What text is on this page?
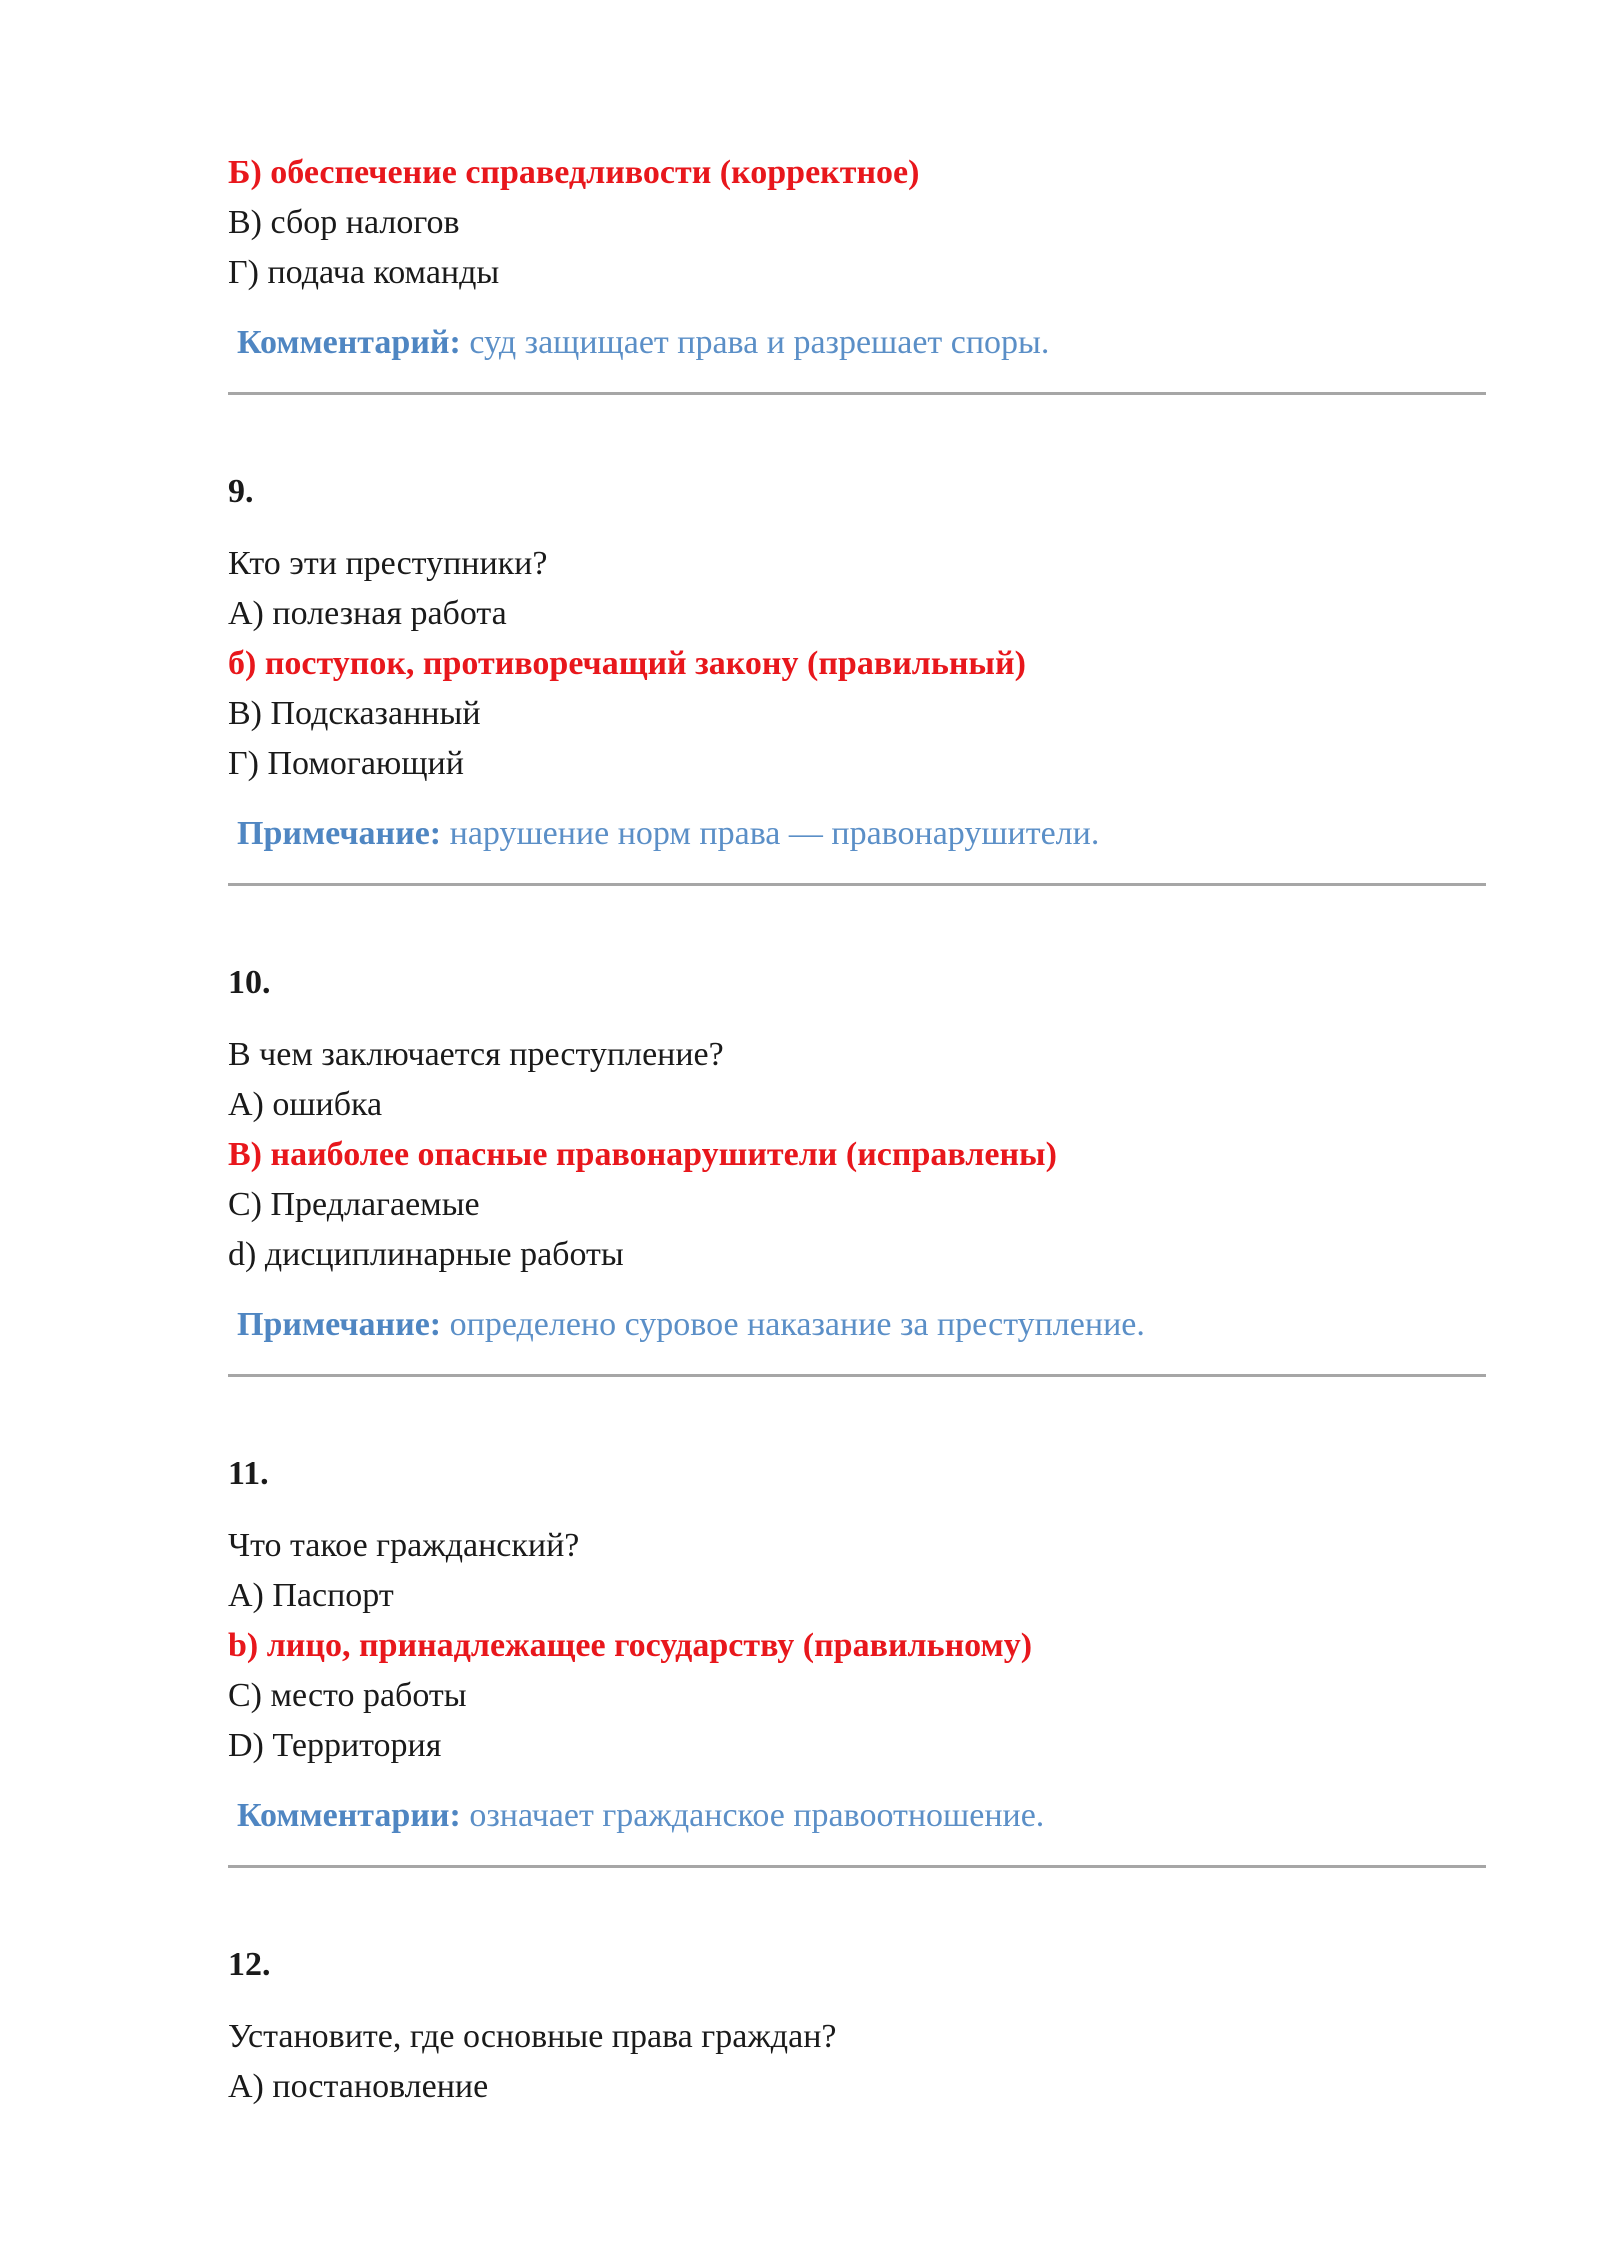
Б) обеспечение справедливости (корректное)
В) сбор налогов
Г) подача команды
Комментарий: суд защищает права и разрешает споры.
9.
Кто эти преступники?
А) полезная работа
б) поступок, противоречащий закону (правильный)
В) Подсказанный
Г) Помогающий
Примечание: нарушение норм права — правонарушители.
10.
В чем заключается преступление?
А) ошибка
В) наиболее опасные правонарушители (исправлены)
С) Предлагаемые
d) дисциплинарные работы
Примечание: определено суровое наказание за преступление.
11.
Что такое гражданский?
А) Паспорт
b) лицо, принадлежащее государству (правильному)
С) место работы
D) Территория
Комментарии: означает гражданское правоотношение.
12.
Установите, где основные права граждан?
А) постановление
